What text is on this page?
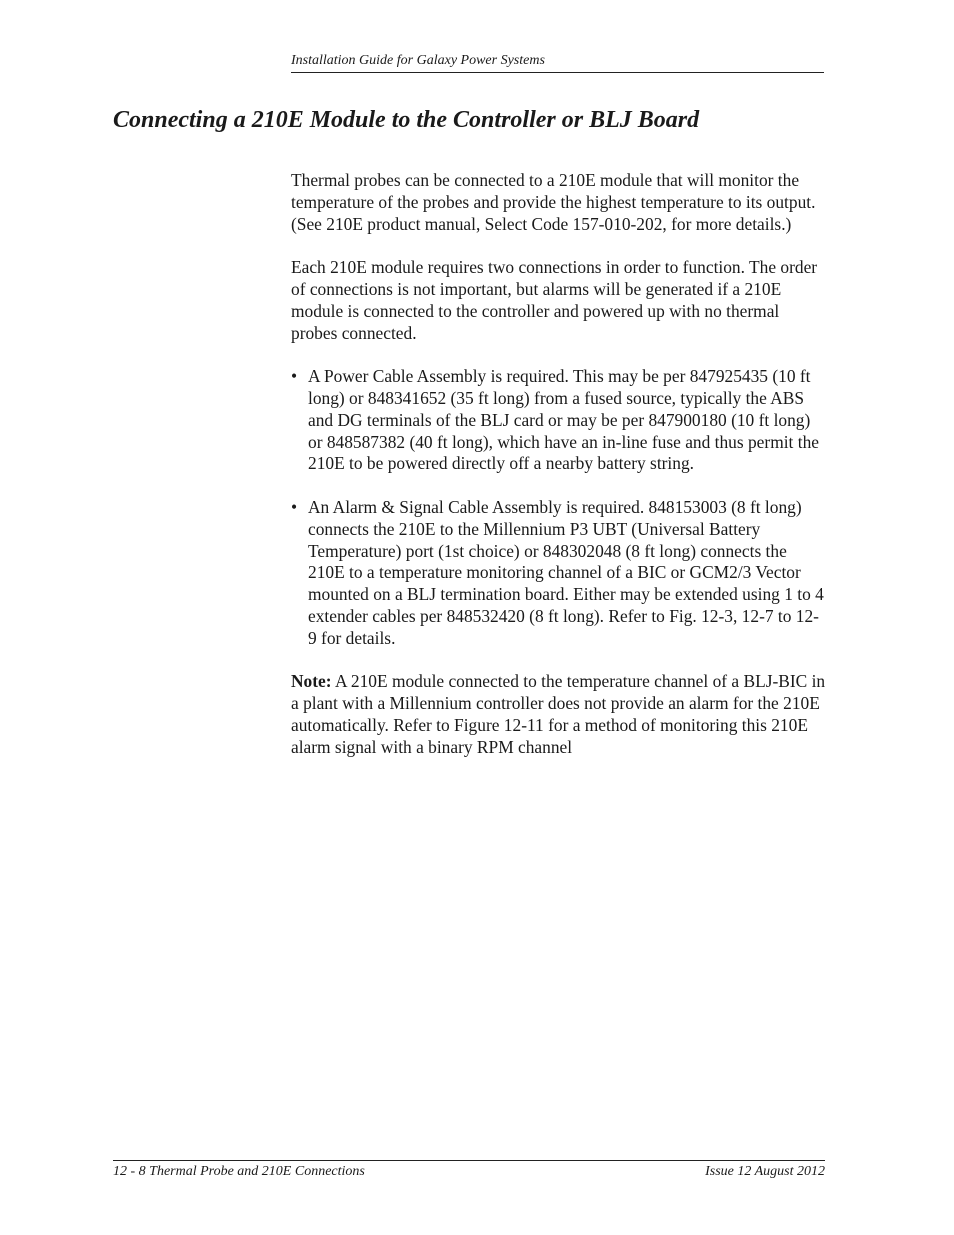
Installation Guide for Galaxy Power Systems
Connecting a 210E Module to the Controller or BLJ Board

Thermal probes can be connected to a 210E module that will monitor the temperature of the probes and provide the highest temperature to its output. (See 210E product manual, Select Code 157-010-202, for more details.)

Each 210E module requires two connections in order to function. The order of connections is not important, but alarms will be generated if a 210E module is connected to the controller and powered up with no thermal probes connected.

• A Power Cable Assembly is required. This may be per 847925435 (10 ft long) or 848341652 (35 ft long) from a fused source, typically the ABS and DG terminals of the BLJ card or may be per 847900180 (10 ft long) or 848587382 (40 ft long), which have an in-line fuse and thus permit the 210E to be powered directly off a nearby battery string.
• An Alarm & Signal Cable Assembly is required. 848153003 (8 ft long) connects the 210E to the Millennium P3 UBT (Universal Battery Temperature) port (1st choice) or 848302048 (8 ft long) connects the 210E to a temperature monitoring channel of a BIC or GCM2/3 Vector mounted on a BLJ termination board. Either may be extended using 1 to 4 extender cables per 848532420 (8 ft long). Refer to Fig. 12-3, 12-7 to 12-9 for details.

Note: A 210E module connected to the temperature channel of a BLJ-BIC in a plant with a Millennium controller does not provide an alarm for the 210E automatically. Refer to Figure 12-11 for a method of monitoring this 210E alarm signal with a binary RPM channel

12 - 8 Thermal Probe and 210E Connections	Issue 12 August 2012
